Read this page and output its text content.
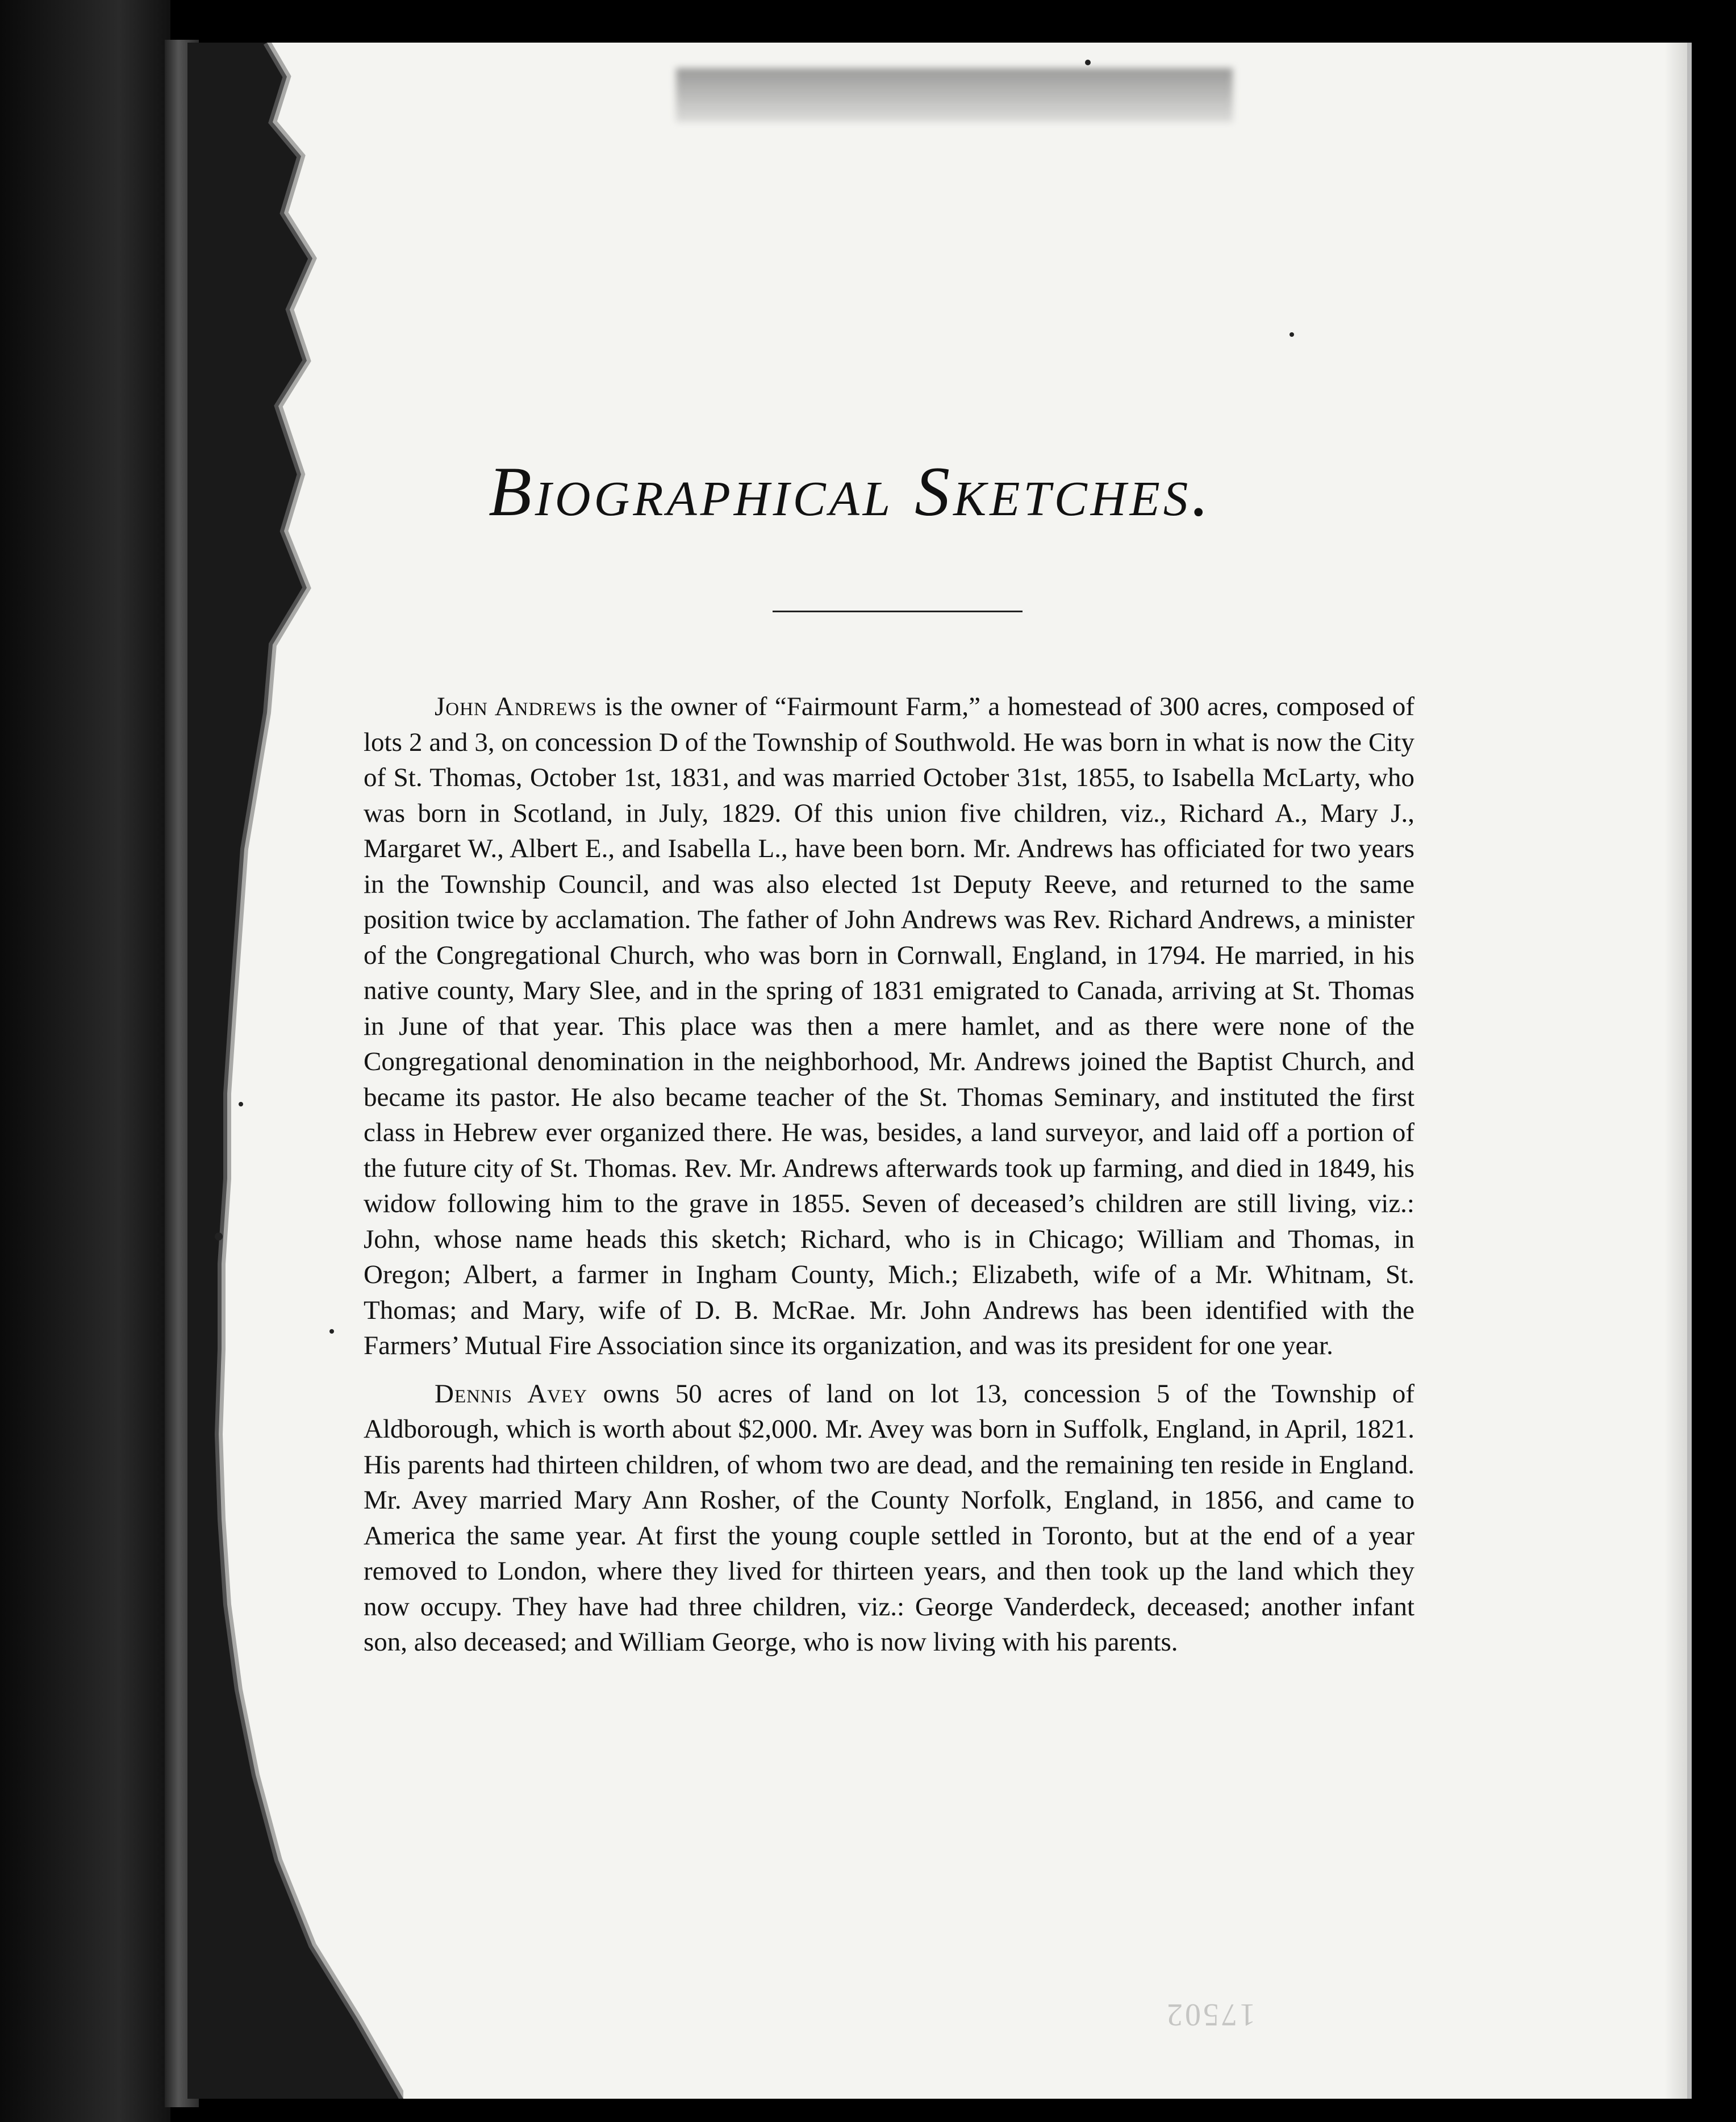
Biographical Sketches.

John Andrews is the owner of “Fairmount Farm,” a homestead of 300 acres, composed of lots 2 and 3, on concession D of the Township of Southwold. He was born in what is now the City of St. Thomas, October 1st, 1831, and was married October 31st, 1855, to Isabella McLarty, who was born in Scotland, in July, 1829. Of this union five children, viz., Richard A., Mary J., Margaret W., Albert E., and Isabella L., have been born. Mr. Andrews has officiated for two years in the Township Council, and was also elected 1st Deputy Reeve, and returned to the same position twice by acclamation. The father of John Andrews was Rev. Richard Andrews, a minister of the Congregational Church, who was born in Cornwall, England, in 1794. He married, in his native county, Mary Slee, and in the spring of 1831 emigrated to Canada, arriving at St. Thomas in June of that year. This place was then a mere hamlet, and as there were none of the Congregational denomination in the neighborhood, Mr. Andrews joined the Baptist Church, and became its pastor. He also became teacher of the St. Thomas Seminary, and instituted the first class in Hebrew ever organized there. He was, besides, a land surveyor, and laid off a portion of the future city of St. Thomas. Rev. Mr. Andrews afterwards took up farming, and died in 1849, his widow following him to the grave in 1855. Seven of deceased’s children are still living, viz.: John, whose name heads this sketch; Richard, who is in Chicago; William and Thomas, in Oregon; Albert, a farmer in Ingham County, Mich.; Elizabeth, wife of a Mr. Whitnam, St. Thomas; and Mary, wife of D. B. McRae. Mr. John Andrews has been identified with the Farmers’ Mutual Fire Association since its organization, and was its president for one year.

Dennis Avey owns 50 acres of land on lot 13, concession 5 of the Township of Aldborough, which is worth about $2,000. Mr. Avey was born in Suffolk, England, in April, 1821. His parents had thirteen children, of whom two are dead, and the remaining ten reside in England. Mr. Avey married Mary Ann Rosher, of the County Norfolk, England, in 1856, and came to America the same year. At first the young couple settled in Toronto, but at the end of a year removed to London, where they lived for thirteen years, and then took up the land which they now occupy. They have had three children, viz.: George Vanderdeck, deceased; another infant son, also deceased; and William George, who is now living with his parents.

17502
